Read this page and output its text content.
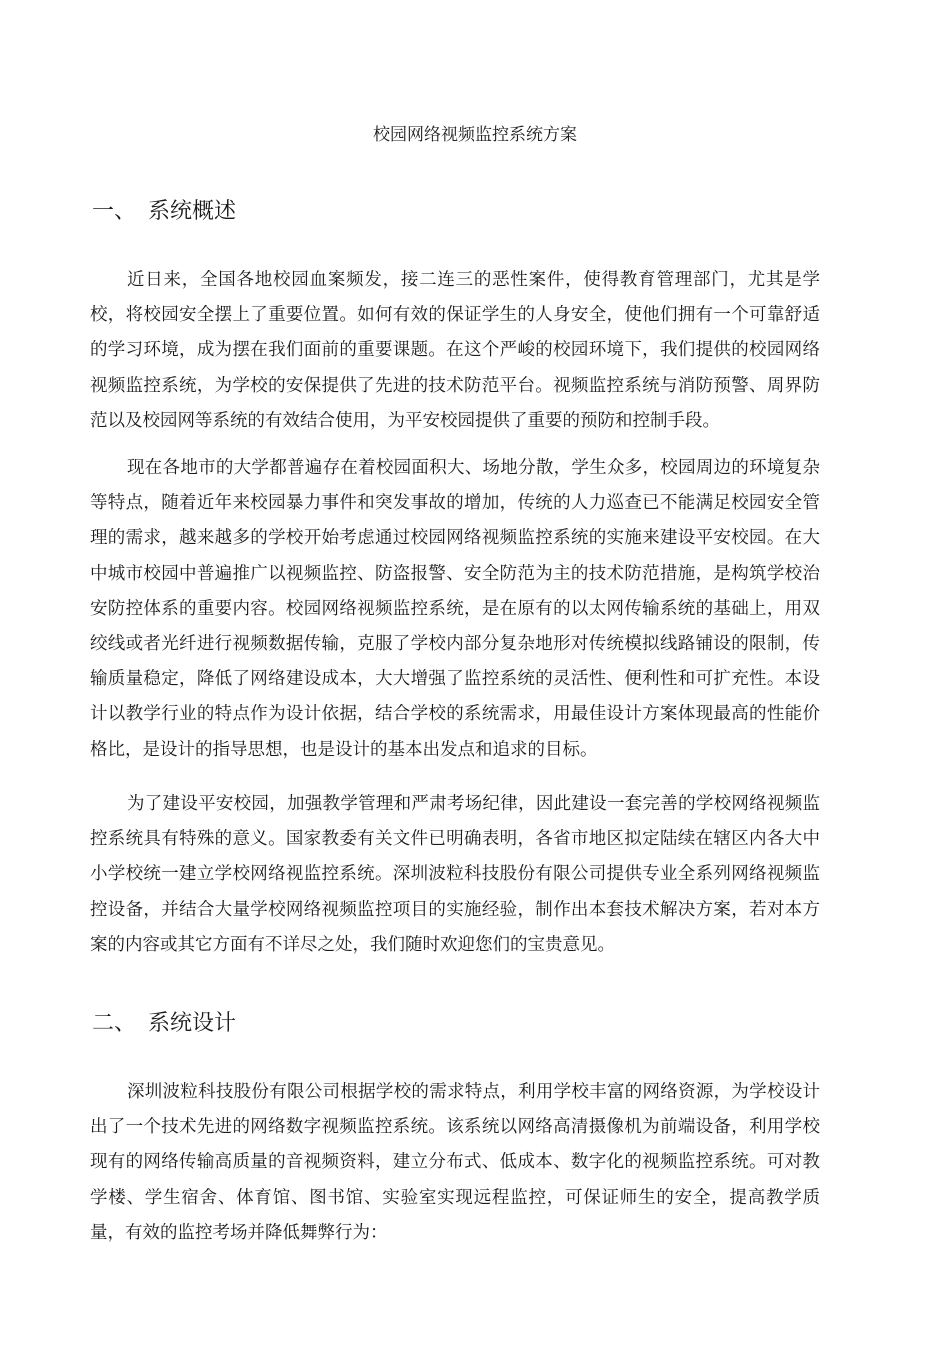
校园网络视频监控系统方案
一、 系统概述

近日来，全国各地校园血案频发，接二连三的恶性案件，使得教育管理部门，尤其是学校，将校园安全摆上了重要位置。如何有效的保证学生的人身安全，使他们拥有一个可靠舒适的学习环境，成为摆在我们面前的重要课题。在这个严峻的校园环境下，我们提供的校园网络视频监控系统，为学校的安保提供了先进的技术防范平台。视频监控系统与消防预警、周界防范以及校园网等系统的有效结合使用，为平安校园提供了重要的预防和控制手段。

现在各地市的大学都普遍存在着校园面积大、场地分散，学生众多，校园周边的环境复杂等特点，随着近年来校园暴力事件和突发事故的增加，传统的人力巡查已不能满足校园安全管理的需求，越来越多的学校开始考虑通过校园网络视频监控系统的实施来建设平安校园。在大中城市校园中普遍推广以视频监控、防盗报警、安全防范为主的技术防范措施，是构筑学校治安防控体系的重要内容。校园网络视频监控系统，是在原有的以太网传输系统的基础上，用双绞线或者光纤进行视频数据传输，克服了学校内部分复杂地形对传统模拟线路铺设的限制，传输质量稳定，降低了网络建设成本，大大增强了监控系统的灵活性、便利性和可扩充性。本设计以教学行业的特点作为设计依据，结合学校的系统需求，用最佳设计方案体现最高的性能价格比，是设计的指导思想，也是设计的基本出发点和追求的目标。

为了建设平安校园，加强教学管理和严肃考场纪律，因此建设一套完善的学校网络视频监控系统具有特殊的意义。国家教委有关文件已明确表明，各省市地区拟定陆续在辖区内各大中小学校统一建立学校网络视监控系统。深圳波粒科技股份有限公司提供专业全系列网络视频监控设备，并结合大量学校网络视频监控项目的实施经验，制作出本套技术解决方案，若对本方案的内容或其它方面有不详尽之处，我们随时欢迎您们的宝贵意见。

二、 系统设计

深圳波粒科技股份有限公司根据学校的需求特点，利用学校丰富的网络资源，为学校设计出了一个技术先进的网络数字视频监控系统。该系统以网络高清摄像机为前端设备，利用学校现有的网络传输高质量的音视频资料，建立分布式、低成本、数字化的视频监控系统。可对教学楼、学生宿舍、体育馆、图书馆、实验室实现远程监控，可保证师生的安全，提高教学质量，有效的监控考场并降低舞弊行为：
